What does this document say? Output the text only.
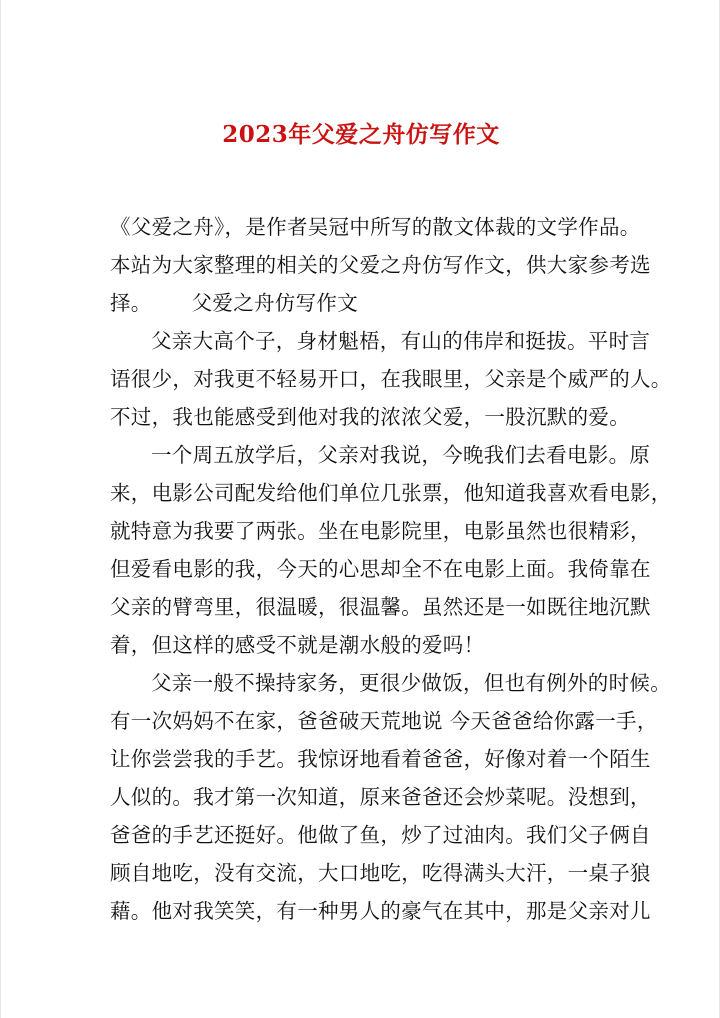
2023年父爱之舟仿写作文
《父爱之舟》，是作者吴冠中所写的散文体裁的文学作品。
本站为大家整理的相关的父爱之舟仿写作文，供大家参考选
择。 父爱之舟仿写作文
父亲大高个子，身材魁梧，有山的伟岸和挺拔。平时言
语很少，对我更不轻易开口，在我眼里，父亲是个威严的人。
不过，我也能感受到他对我的浓浓父爱，一股沉默的爱。
一个周五放学后，父亲对我说，今晚我们去看电影。原
来，电影公司配发给他们单位几张票，他知道我喜欢看电影，
就特意为我要了两张。坐在电影院里，电影虽然也很精彩，
但爱看电影的我，今天的心思却全不在电影上面。我倚靠在
父亲的臂弯里，很温暖，很温馨。虽然还是一如既往地沉默
着，但这样的感受不就是潮水般的爱吗！
父亲一般不操持家务，更很少做饭，但也有例外的时候。
有一次妈妈不在家，爸爸破天荒地说 今天爸爸给你露一手，
让你尝尝我的手艺。我惊讶地看着爸爸，好像对着一个陌生
人似的。我才第一次知道，原来爸爸还会炒菜呢。没想到，
爸爸的手艺还挺好。他做了鱼，炒了过油肉。我们父子俩自
顾自地吃，没有交流，大口地吃，吃得满头大汗，一桌子狼
藉。他对我笑笑，有一种男人的豪气在其中，那是父亲对儿
